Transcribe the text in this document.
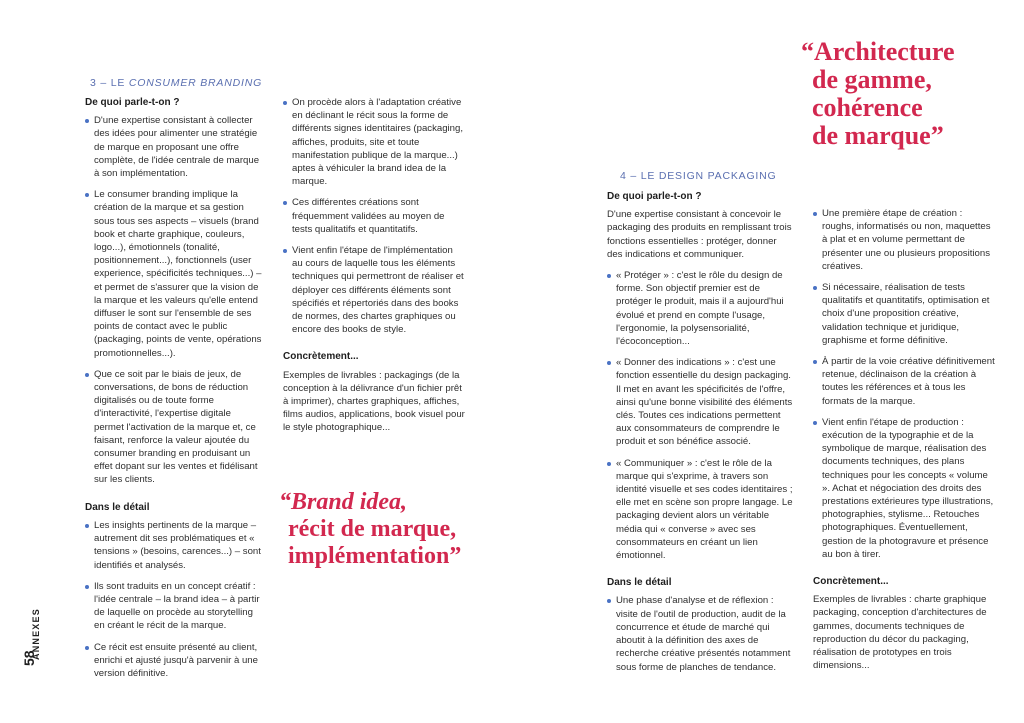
58
ANNEXES
3 – LE CONSUMER BRANDING
De quoi parle-t-on ?
D'une expertise consistant à collecter des idées pour alimenter une stratégie de marque en proposant une offre complète, de l'idée centrale de marque à son implémentation.
Le consumer branding implique la création de la marque et sa gestion sous tous ses aspects – visuels (brand book et charte graphique, couleurs, logo...), émotionnels (tonalité, positionnement...), fonctionnels (user experience, spécificités techniques...) – et permet de s'assurer que la vision de la marque et les valeurs qu'elle entend diffuser le sont sur l'ensemble de ses points de contact avec le public (packaging, points de vente, opérations promotionnelles...).
Que ce soit par le biais de jeux, de conversations, de bons de réduction digitalisés ou de toute forme d'interactivité, l'expertise digitale permet l'activation de la marque et, ce faisant, renforce la valeur ajoutée du consumer branding en produisant un effet dopant sur les ventes et fidélisant sur les clients.
Dans le détail
Les insights pertinents de la marque – autrement dit ses problématiques et « tensions » (besoins, carences...) – sont identifiés et analysés.
Ils sont traduits en un concept créatif : l'idée centrale – la brand idea – à partir de laquelle on procède au storytelling en créant le récit de la marque.
Ce récit est ensuite présenté au client, enrichi et ajusté jusqu'à parvenir à une version définitive.
On procède alors à l'adaptation créative en déclinant le récit sous la forme de différents signes identitaires (packaging, affiches, produits, site et toute manifestation publique de la marque...) aptes à véhiculer la brand idea de la marque.
Ces différentes créations sont fréquemment validées au moyen de tests qualitatifs et quantitatifs.
Vient enfin l'étape de l'implémentation au cours de laquelle tous les éléments techniques qui permettront de réaliser et déployer ces différents éléments sont spécifiés et répertoriés dans des books de normes, des chartes graphiques ou encore des books de style.
Concrètement...

Exemples de livrables : packagings (de la conception à la délivrance d'un fichier prêt à imprimer), chartes graphiques, affiches, films audios, applications, book visuel pour le style photographique...

“Brand idea,
récit de marque,
implémentation”
“Architecture
de gamme,
cohérence
de marque”
4 – LE DESIGN PACKAGING
De quoi parle-t-on ?

D'une expertise consistant à concevoir le packaging des produits en remplissant trois fonctions essentielles : protéger, donner des indications et communiquer.

« Protéger » : c'est le rôle du design de forme. Son objectif premier est de protéger le produit, mais il a aujourd'hui évolué et prend en compte l'usage, l'ergonomie, la polysensorialité, l'écoconception...
« Donner des indications » : c'est une fonction essentielle du design packaging. Il met en avant les spécificités de l'offre, ainsi qu'une bonne visibilité des éléments clés. Toutes ces indications permettent aux consommateurs de comprendre le produit et son bénéfice associé.
« Communiquer » : c'est le rôle de la marque qui s'exprime, à travers son identité visuelle et ses codes identitaires ; elle met en scène son propre langage. Le packaging devient alors un véritable média qui « converse » avec ses consommateurs en créant un lien émotionnel.
Dans le détail
Une phase d'analyse et de réflexion : visite de l'outil de production, audit de la concurrence et étude de marché qui aboutit à la définition des axes de recherche créative présentés notamment sous forme de planches de tendance.
Une première étape de création : roughs, informatisés ou non, maquettes à plat et en volume permettant de présenter une ou plusieurs propositions créatives.
Si nécessaire, réalisation de tests qualitatifs et quantitatifs, optimisation et choix d'une proposition créative, validation technique et juridique, graphisme et forme définitive.
À partir de la voie créative définitivement retenue, déclinaison de la création à toutes les références et à tous les formats de la marque.
Vient enfin l'étape de production : exécution de la typographie et de la symbolique de marque, réalisation des documents techniques, des plans techniques pour les concepts « volume ». Achat et négociation des droits des prestations extérieures type illustrations, photographies, stylisme... Retouches photographiques. Éventuellement, gestion de la photogravure et présence au bon à tirer.
Concrètement...

Exemples de livrables : charte graphique packaging, conception d'architectures de gammes, documents techniques de reproduction du décor du packaging, réalisation de prototypes en trois dimensions...
